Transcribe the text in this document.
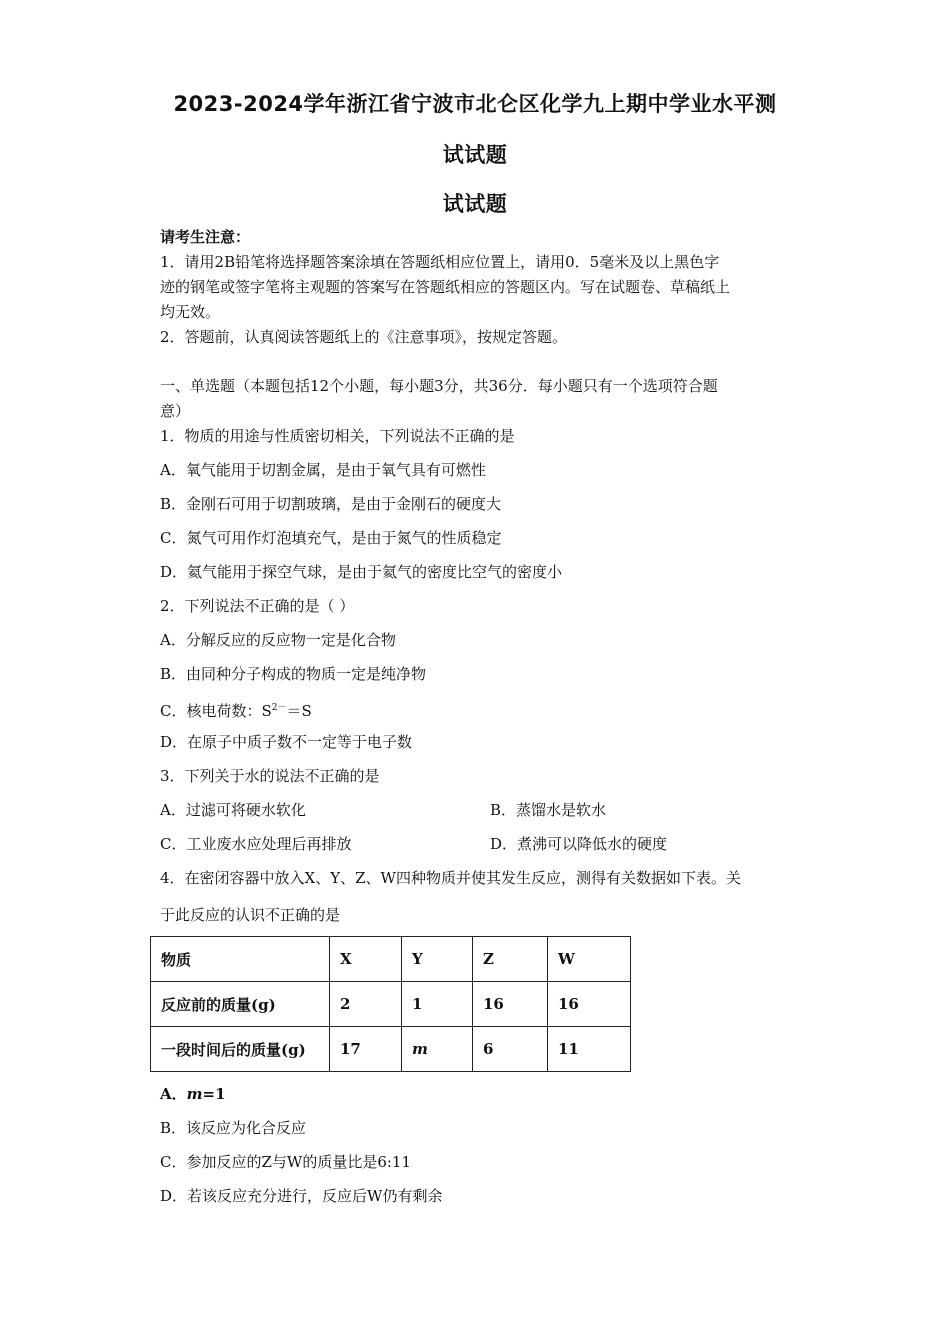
2023-2024学年浙江省宁波市北仑区化学九上期中学业水平测
试试题
试试题
请考生注意：
1．请用2B铅笔将选择题答案涂填在答题纸相应位置上，请用0．5毫米及以上黑色字
迹的钢笔或签字笔将主观题的答案写在答题纸相应的答题区内。写在试题卷、草稿纸上
均无效。
2．答题前，认真阅读答题纸上的《注意事项》，按规定答题。
一、单选题（本题包括12个小题，每小题3分，共36分．每小题只有一个选项符合题
意）
1．物质的用途与性质密切相关，下列说法不正确的是
A．氧气能用于切割金属，是由于氧气具有可燃性
B．金刚石可用于切割玻璃，是由于金刚石的硬度大
C．氮气可用作灯泡填充气，是由于氮气的性质稳定
D．氦气能用于探空气球，是由于氦气的密度比空气的密度小
2．下列说法不正确的是（ ）
A．分解反应的反应物一定是化合物
B．由同种分子构成的物质一定是纯净物
C．核电荷数：$S^{2-}=S$
D．在原子中质子数不一定等于电子数
3．下列关于水的说法不正确的是
A．过滤可将硬水软化	B．蒸馏水是软水
C．工业废水应处理后再排放	D．煮沸可以降低水的硬度
4．在密闭容器中放入X、Y、Z、W四种物质并使其发生反应，测得有关数据如下表。关
于此反应的认识不正确的是
物质	X	Y	Z	W
反应前的质量(g)	2	1	16	16
一段时间后的质量(g)	17	m	6	11
A．m=1
B．该反应为化合反应
C．参加反应的Z与W的质量比是6:11
D．若该反应充分进行，反应后W仍有剩余
